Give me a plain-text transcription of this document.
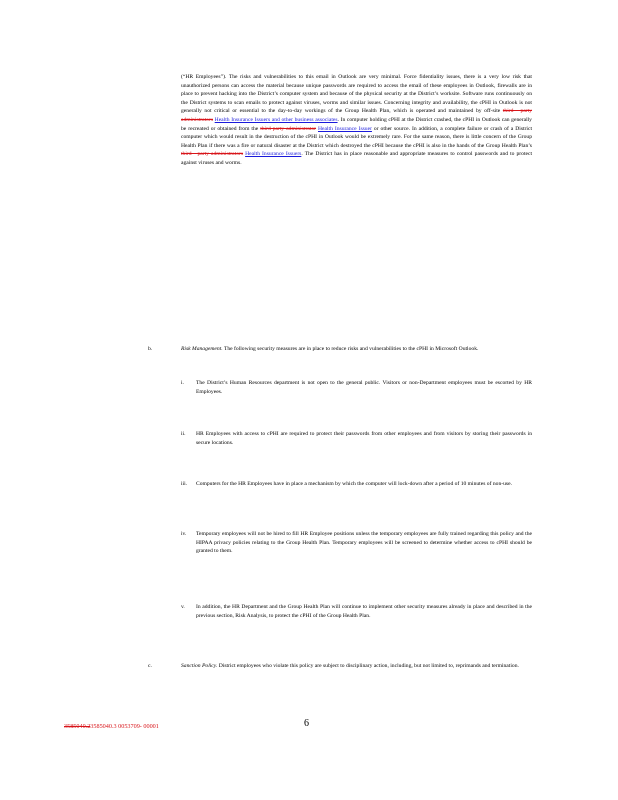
(“HR Employees”). The risks and vulnerabilities to this email in Outlook are very minimal. Force fidentiality issues, there is a very low risk that unauthorized persons can access the material because unique passwords are required to access the email of these employees in Outlook, firewalls are in place to prevent hacking into the District’s computer system and because of the physical security at the District’s worksite. Software runs continuously on the District systems to scan emails to protect against viruses, worms and similar issues. Concerning integrity and availability, the cPHI in Outlook is not generally not critical or essential to the day-to-day workings of the Group Health Plan, which is operated and maintained by off-site third - party administrators Health Insurance Issuers and other business associates. In computer holding cPHI at the District crashed, the cPHI in Outlook can generally be recreated or obtained from the third party administrator Health Insurance Issuer or other source. In addition, a complete failure or crash of a District computer which would result in the destruction of the cPHI in Outlook would be extremely rare. For the same reason, there is little concern of the Group Health Plan if there was a fire or natural disaster at the District which destroyed the cPHI because the cPHI is also in the hands of the Group Health Plan’s third - party administrators Health Insurance Issuers. The District has in place reasonable and appropriate measures to control passwords and to protect against viruses and worms.
b.	Risk Management. The following security measures are in place to reduce risks and vulnerabilities to the cPHI in Microsoft Outlook.
i. The District’s Human Resources department is not open to the general public. Visitors or non-Department employees must be escorted by HR Employees.
ii. HR Employees with access to cPHI are required to protect their passwords from other employees and from visitors by storing their passwords in secure locations.
iii. Computers for the HR Employees have in place a mechanism by which the computer will lock-down after a period of 10 minutes of non-use.
iv. Temporary employees will not be hired to fill HR Employee positions unless the temporary employees are fully trained regarding this policy and the HIPAA privacy policies relating to the Group Health Plan. Temporary employees will be screened to determine whether access to cPHI should be granted to them.
v. In addition, the HR Department and the Group Health Plan will continue to implement other security measures already in place and described in the previous section, Risk Analysis, to protect the cPHI of the Group Health Plan.
c.	Sanction Policy. District employees who violate this policy are subject to disciplinary action, including, but not limited to, reprimands and termination.
3585040.23585040.3 0053709- 00001	6
